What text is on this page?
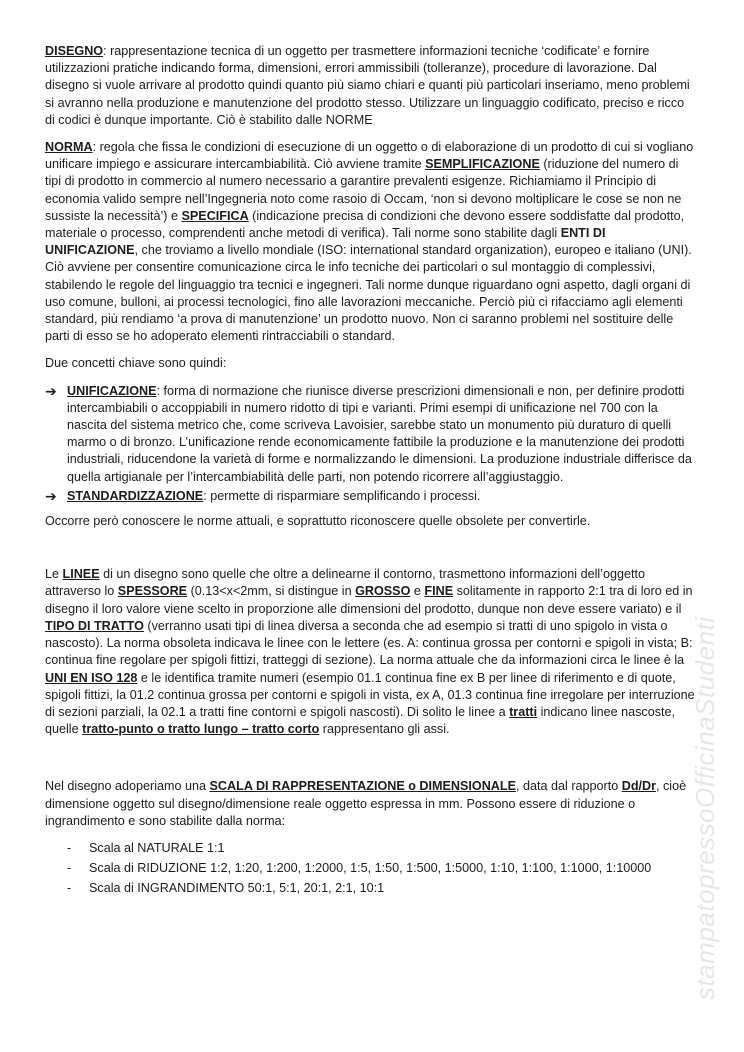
DISEGNO: rappresentazione tecnica di un oggetto per trasmettere informazioni tecniche ‘codificate’ e fornire utilizzazioni pratiche indicando forma, dimensioni, errori ammissibili (tolleranze), procedure di lavorazione. Dal disegno si vuole arrivare al prodotto quindi quanto più siamo chiari e quanti più particolari inseriamo, meno problemi si avranno nella produzione e manutenzione del prodotto stesso. Utilizzare un linguaggio codificato, preciso e ricco di codici è dunque importante. Ciò è stabilito dalle NORME

NORMA: regola che fissa le condizioni di esecuzione di un oggetto o di elaborazione di un prodotto di cui si vogliano unificare impiego e assicurare intercambiabilità. Ciò avviene tramite SEMPLIFICAZIONE (riduzione del numero di tipi di prodotto in commercio al numero necessario a garantire prevalenti esigenze. Richiamiamo il Principio di economia valido sempre nell’Ingegneria noto come rasoio di Occam, ‘non si devono moltiplicare le cose se non ne sussiste la necessità’) e SPECIFICA (indicazione precisa di condizioni che devono essere soddisfatte dal prodotto, materiale o processo, comprendenti anche metodi di verifica). Tali norme sono stabilite dagli ENTI DI UNIFICAZIONE, che troviamo a livello mondiale (ISO: international standard organization), europeo e italiano (UNI). Ciò avviene per consentire comunicazione circa le info tecniche dei particolari o sul montaggio di complessivi, stabilendo le regole del linguaggio tra tecnici e ingegneri. Tali norme dunque riguardano ogni aspetto, dagli organi di uso comune, bulloni, ai processi tecnologici, fino alle lavorazioni meccaniche. Perciò più ci rifacciamo agli elementi standard, più rendiamo ‘a prova di manutenzione’ un prodotto nuovo. Non ci saranno problemi nel sostituire delle parti di esso se ho adoperato elementi rintracciabili o standard.

Due concetti chiave sono quindi:

➔ UNIFICAZIONE: forma di normazione che riunisce diverse prescrizioni dimensionali e non, per definire prodotti intercambiabili o accoppiabili in numero ridotto di tipi e varianti. Primi esempi di unificazione nel 700 con la nascita del sistema metrico che, come scriveva Lavoisier, sarebbe stato un monumento più duraturo di quelli marmo o di bronzo. L’unificazione rende economicamente fattibile la produzione e la manutenzione dei prodotti industriali, riducendone la varietà di forme e normalizzando le dimensioni. La produzione industriale differisce da quella artigianale per l’intercambiabilità delle parti, non potendo ricorrere all’aggiustaggio.
➔ STANDARDIZZAZIONE: permette di risparmiare semplificando i processi.

Occorre però conoscere le norme attuali, e soprattutto riconoscere quelle obsolete per convertirle.

Le LINEE di un disegno sono quelle che oltre a delinearne il contorno, trasmettono informazioni dell’oggetto attraverso lo SPESSORE (0.13<x<2mm, si distingue in GROSSO e FINE solitamente in rapporto 2:1 tra di loro ed in disegno il loro valore viene scelto in proporzione alle dimensioni del prodotto, dunque non deve essere variato) e il TIPO DI TRATTO (verranno usati tipi di linea diversa a seconda che ad esempio si tratti di uno spigolo in vista o nascosto). La norma obsoleta indicava le linee con le lettere (es. A: continua grossa per contorni e spigoli in vista; B: continua fine regolare per spigoli fittizi, tratteggi di sezione). La norma attuale che da informazioni circa le linee è la UNI EN ISO 128 e le identifica tramite numeri (esempio 01.1 continua fine ex B per linee di riferimento e di quote, spigoli fittizi, la 01.2 continua grossa per contorni e spigoli in vista, ex A, 01.3 continua fine irregolare per interruzione di sezioni parziali, la 02.1 a tratti fine contorni e spigoli nascosti). Di solito le linee a tratti indicano linee nascoste, quelle tratto-punto o tratto lungo – tratto corto rappresentano gli assi.

Nel disegno adoperiamo una SCALA DI RAPPRESENTAZIONE o DIMENSIONALE, data dal rapporto Dd/Dr, cioè dimensione oggetto sul disegno/dimensione reale oggetto espressa in mm. Possono essere di riduzione o ingrandimento e sono stabilite dalla norma:

-	Scala al NATURALE 1:1
-	Scala di RIDUZIONE 1:2, 1:20, 1:200, 1:2000, 1:5, 1:50, 1:500, 1:5000, 1:10, 1:100, 1:1000, 1:10000
-	Scala di INGRANDIMENTO 50:1, 5:1, 20:1, 2:1, 10:1	stampatopressoOfficinaStudenti
